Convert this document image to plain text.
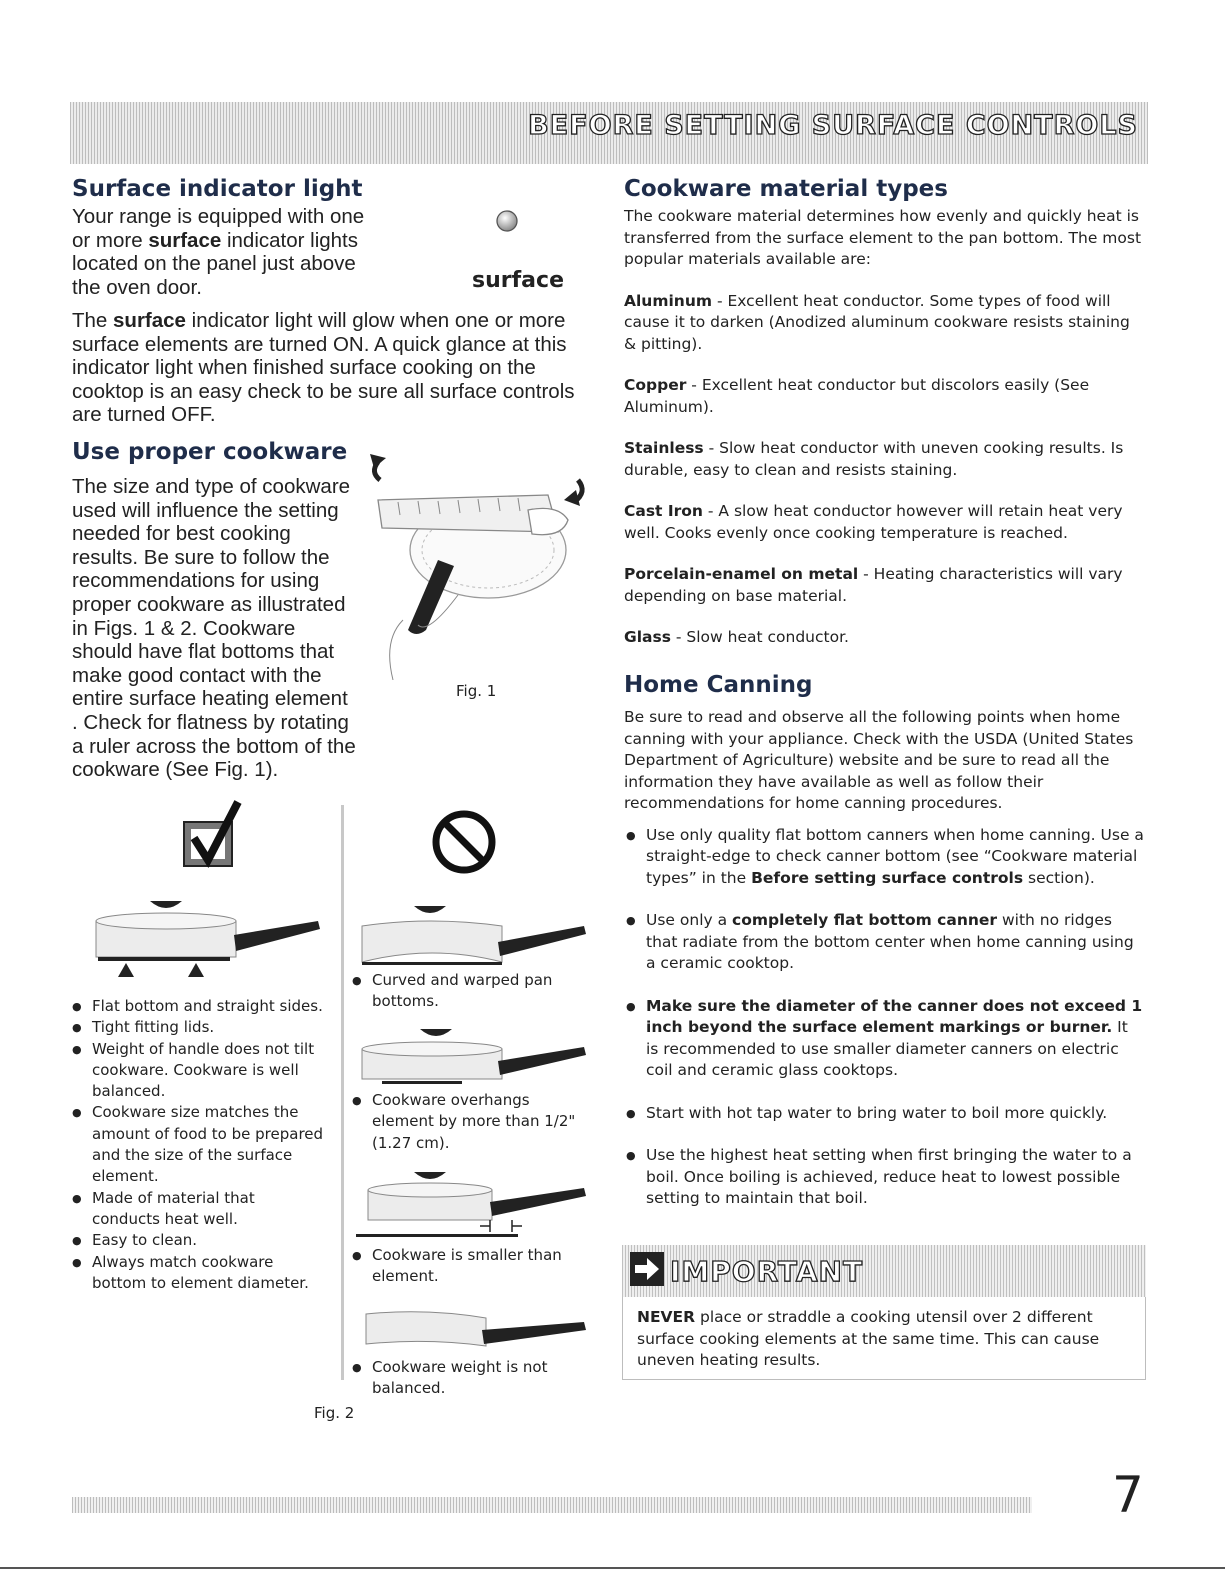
BEFORE SETTING SURFACE CONTROLS
Surface indicator light
Your range is equipped with one
or more surface indicator lights
located on the panel just above
the oven door.	surface
The surface indicator light will glow when one or more surface elements are turned ON. A quick glance at this indicator light when finished surface cooking on the cooktop is an easy check to be sure all surface controls are turned OFF.
Use proper cookware
The size and type of cookware used will influence the setting needed for best cooking results. Be sure to follow the recommendations for using proper cookware as illustrated in Figs. 1 & 2. Cookware should have flat bottoms that make good contact with the entire surface heating element . Check for flatness by rotating a ruler across the bottom of the cookware (See Fig. 1).
Fig. 1
● Flat bottom and straight sides.
● Tight fitting lids.
● Weight of handle does not tilt cookware. Cookware is well balanced.
● Cookware size matches the amount of food to be prepared and the size of the surface element.
● Made of material that conducts heat well.
● Easy to clean.
● Always match cookware bottom to element diameter.
● Curved and warped pan bottoms.
● Cookware overhangs element by more than 1/2" (1.27 cm).
● Cookware is smaller than element.
● Cookware weight is not balanced.
Fig. 2
Cookware material types

The cookware material determines how evenly and quickly heat is transferred from the surface element to the pan bottom. The most popular materials available are:

Aluminum - Excellent heat conductor. Some types of food will cause it to darken (Anodized aluminum cookware resists staining & pitting).

Copper - Excellent heat conductor but discolors easily (See Aluminum).

Stainless - Slow heat conductor with uneven cooking results. Is durable, easy to clean and resists staining.

Cast Iron - A slow heat conductor however will retain heat very well. Cooks evenly once cooking temperature is reached.

Porcelain-enamel on metal - Heating characteristics will vary depending on base material.

Glass - Slow heat conductor.

Home Canning

Be sure to read and observe all the following points when home canning with your appliance. Check with the USDA (United States Department of Agriculture) website and be sure to read all the information they have available as well as follow their recommendations for home canning procedures.

● Use only quality flat bottom canners when home canning. Use a straight-edge to check canner bottom (see “Cookware material types” in the Before setting surface controls section).
● Use only a completely flat bottom canner with no ridges that radiate from the bottom center when home canning using a ceramic cooktop.
● Make sure the diameter of the canner does not exceed 1 inch beyond the surface element markings or burner. It is recommended to use smaller diameter canners on electric coil and ceramic glass cooktops.
● Start with hot tap water to bring water to boil more quickly.
● Use the highest heat setting when first bringing the water to a boil. Once boiling is achieved, reduce heat to lowest possible setting to maintain that boil.
IMPORTANT
NEVER place or straddle a cooking utensil over 2 different surface cooking elements at the same time. This can cause uneven heating results.
7
